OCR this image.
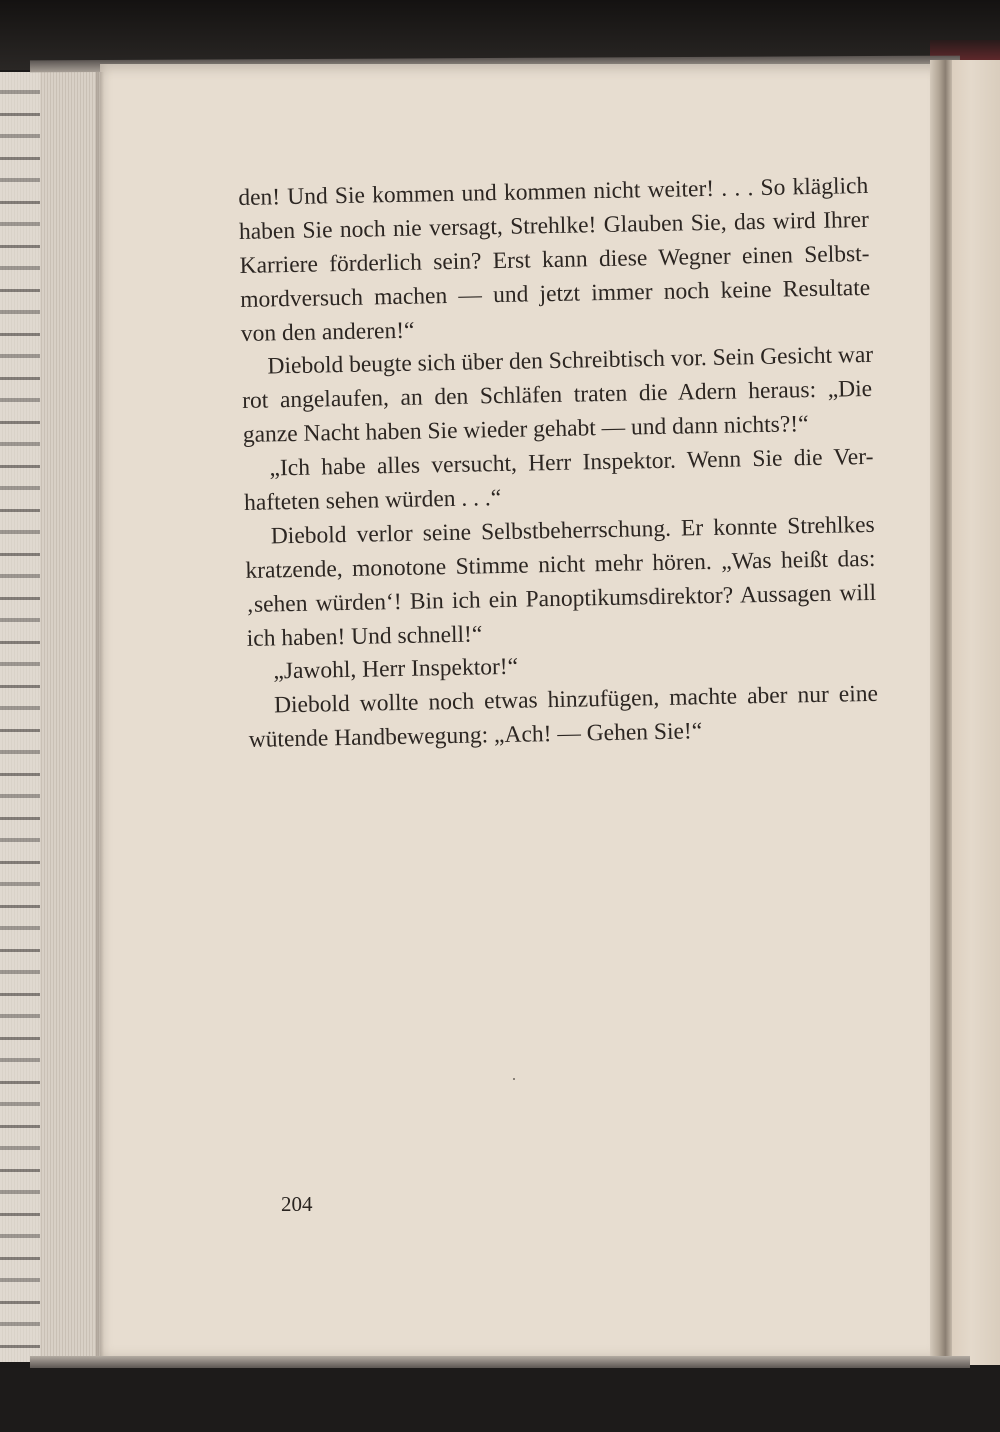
den! Und Sie kommen und kommen nicht weiter! . . . So kläglich
haben Sie noch nie versagt, Strehlke! Glauben Sie, das wird Ihrer
Karriere förderlich sein? Erst kann diese Wegner einen Selbst-
mordversuch machen — und jetzt immer noch keine Resultate
von den anderen!“
Diebold beugte sich über den Schreibtisch vor. Sein Gesicht war
rot angelaufen, an den Schläfen traten die Adern heraus: „Die
ganze Nacht haben Sie wieder gehabt — und dann nichts?!“
„Ich habe alles versucht, Herr Inspektor. Wenn Sie die Ver-
hafteten sehen würden . . .“
Diebold verlor seine Selbstbeherrschung. Er konnte Strehlkes
kratzende, monotone Stimme nicht mehr hören. „Was heißt das:
‚sehen würden‘! Bin ich ein Panoptikumsdirektor? Aussagen will
ich haben! Und schnell!“
„Jawohl, Herr Inspektor!“
Diebold wollte noch etwas hinzufügen, machte aber nur eine
wütende Handbewegung: „Ach! — Gehen Sie!“
204
